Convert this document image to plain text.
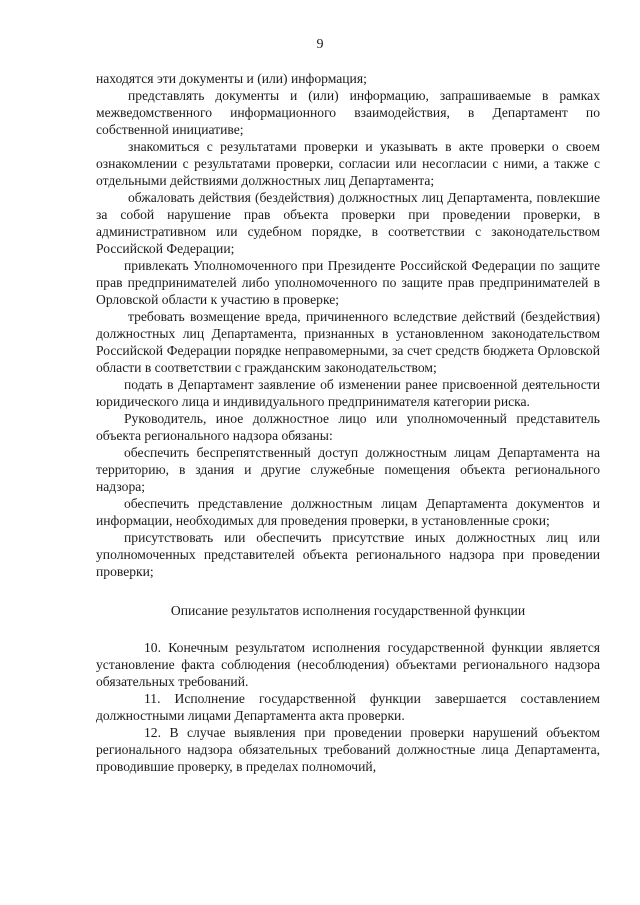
9

находятся эти документы и (или) информация;

представлять документы и (или) информацию, запрашиваемые в рамках межведомственного информационного взаимодействия, в Департамент по собственной инициативе;

знакомиться с результатами проверки и указывать в акте проверки о своем ознакомлении с результатами проверки, согласии или несогласии с ними, а также с отдельными действиями должностных лиц Департамента;

обжаловать действия (бездействия) должностных лиц Департамента, повлекшие за собой нарушение прав объекта проверки при проведении проверки, в административном или судебном порядке, в соответствии с законодательством Российской Федерации;

привлекать Уполномоченного при Президенте Российской Федерации по защите прав предпринимателей либо уполномоченного по защите прав предпринимателей в Орловской области к участию в проверке;

требовать возмещение вреда, причиненного вследствие действий (бездействия) должностных лиц Департамента, признанных в установленном законодательством Российской Федерации порядке неправомерными, за счет средств бюджета Орловской области в соответствии с гражданским законодательством;

подать в Департамент заявление об изменении ранее присвоенной деятельности юридического лица и индивидуального предпринимателя категории риска.

Руководитель, иное должностное лицо или уполномоченный представитель объекта регионального надзора обязаны:

обеспечить беспрепятственный доступ должностным лицам Департамента на территорию, в здания и другие служебные помещения объекта регионального надзора;

обеспечить представление должностным лицам Департамента документов и информации, необходимых для проведения проверки, в установленные сроки;

присутствовать или обеспечить присутствие иных должностных лиц или уполномоченных представителей объекта регионального надзора при проведении проверки;

Описание результатов исполнения государственной функции

10. Конечным результатом исполнения государственной функции является установление факта соблюдения (несоблюдения) объектами регионального надзора обязательных требований.

11. Исполнение государственной функции завершается составлением должностными лицами Департамента акта проверки.

12. В случае выявления при проведении проверки нарушений объектом регионального надзора обязательных требований должностные лица Департамента, проводившие проверку, в пределах полномочий,
